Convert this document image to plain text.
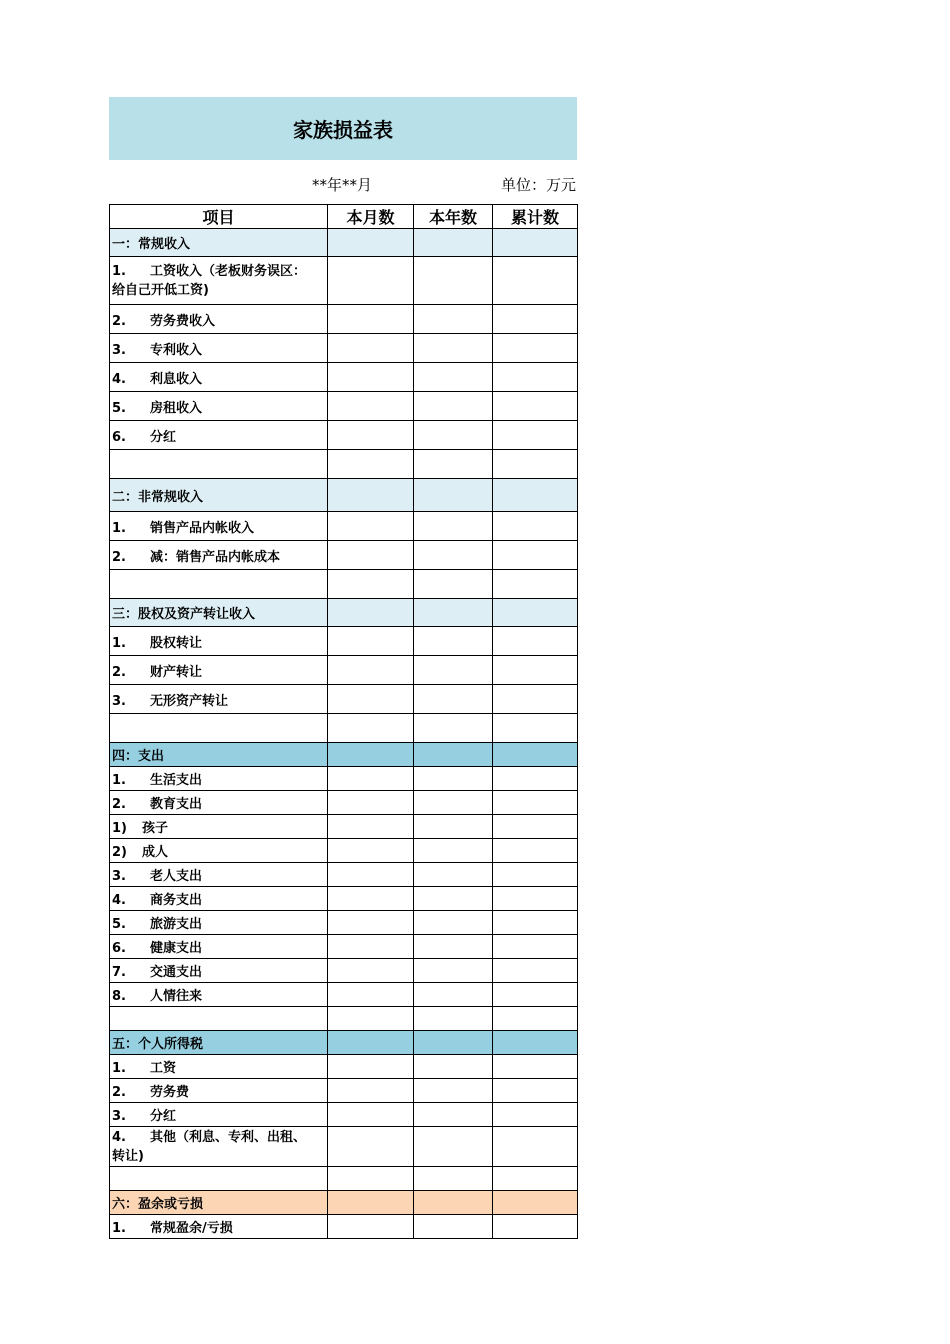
家族损益表
**年**月	单位：万元
项目	本月数	本年数	累计数
一：常规收入			
1. 工资收入（老板财务误区：
给自己开低工资)			
2. 劳务费收入			
3. 专利收入			
4. 利息收入			
5. 房租收入			
6. 分红			

二：非常规收入			
1. 销售产品内帐收入			
2. 减：销售产品内帐成本			

三：股权及资产转让收入			
1. 股权转让			
2. 财产转让			
3. 无形资产转让			

四：支出			
1. 生活支出			
2. 教育支出			
1) 孩子			
2) 成人			
3. 老人支出			
4. 商务支出			
5. 旅游支出			
6. 健康支出			
7. 交通支出			
8. 人情往来			

五：个人所得税			
1. 工资			
2. 劳务费			
3. 分红			
4. 其他（利息、专利、出租、
转让)			

六：盈余或亏损			
1. 常规盈余/亏损			
